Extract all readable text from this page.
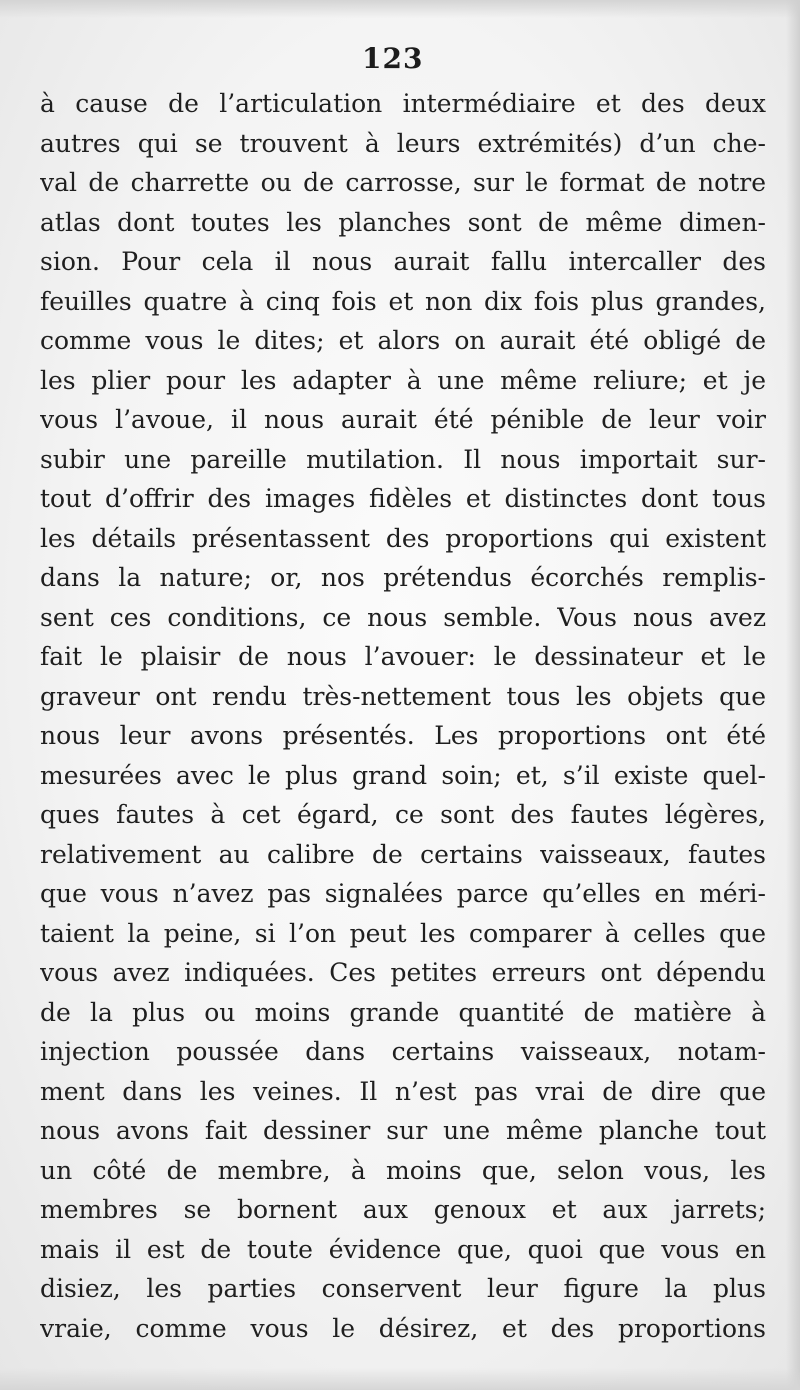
123
à cause de l’articulation intermédiaire et des deux
autres qui se trouvent à leurs extrémités) d’un che-
val de charrette ou de carrosse, sur le format de notre
atlas dont toutes les planches sont de même dimen-
sion. Pour cela il nous aurait fallu intercaller des
feuilles quatre à cinq fois et non dix fois plus grandes,
comme vous le dites; et alors on aurait été obligé de
les plier pour les adapter à une même reliure; et je
vous l’avoue, il nous aurait été pénible de leur voir
subir une pareille mutilation. Il nous importait sur-
tout d’offrir des images fidèles et distinctes dont tous
les détails présentassent des proportions qui existent
dans la nature; or, nos prétendus écorchés remplis-
sent ces conditions, ce nous semble. Vous nous avez
fait le plaisir de nous l’avouer: le dessinateur et le
graveur ont rendu très-nettement tous les objets que
nous leur avons présentés. Les proportions ont été
mesurées avec le plus grand soin; et, s’il existe quel-
ques fautes à cet égard, ce sont des fautes légères,
relativement au calibre de certains vaisseaux, fautes
que vous n’avez pas signalées parce qu’elles en méri-
taient la peine, si l’on peut les comparer à celles que
vous avez indiquées. Ces petites erreurs ont dépendu
de la plus ou moins grande quantité de matière à
injection poussée dans certains vaisseaux, notam-
ment dans les veines. Il n’est pas vrai de dire que
nous avons fait dessiner sur une même planche tout
un côté de membre, à moins que, selon vous, les
membres se bornent aux genoux et aux jarrets;
mais il est de toute évidence que, quoi que vous en
disiez, les parties conservent leur figure la plus
vraie, comme vous le désirez, et des proportions
